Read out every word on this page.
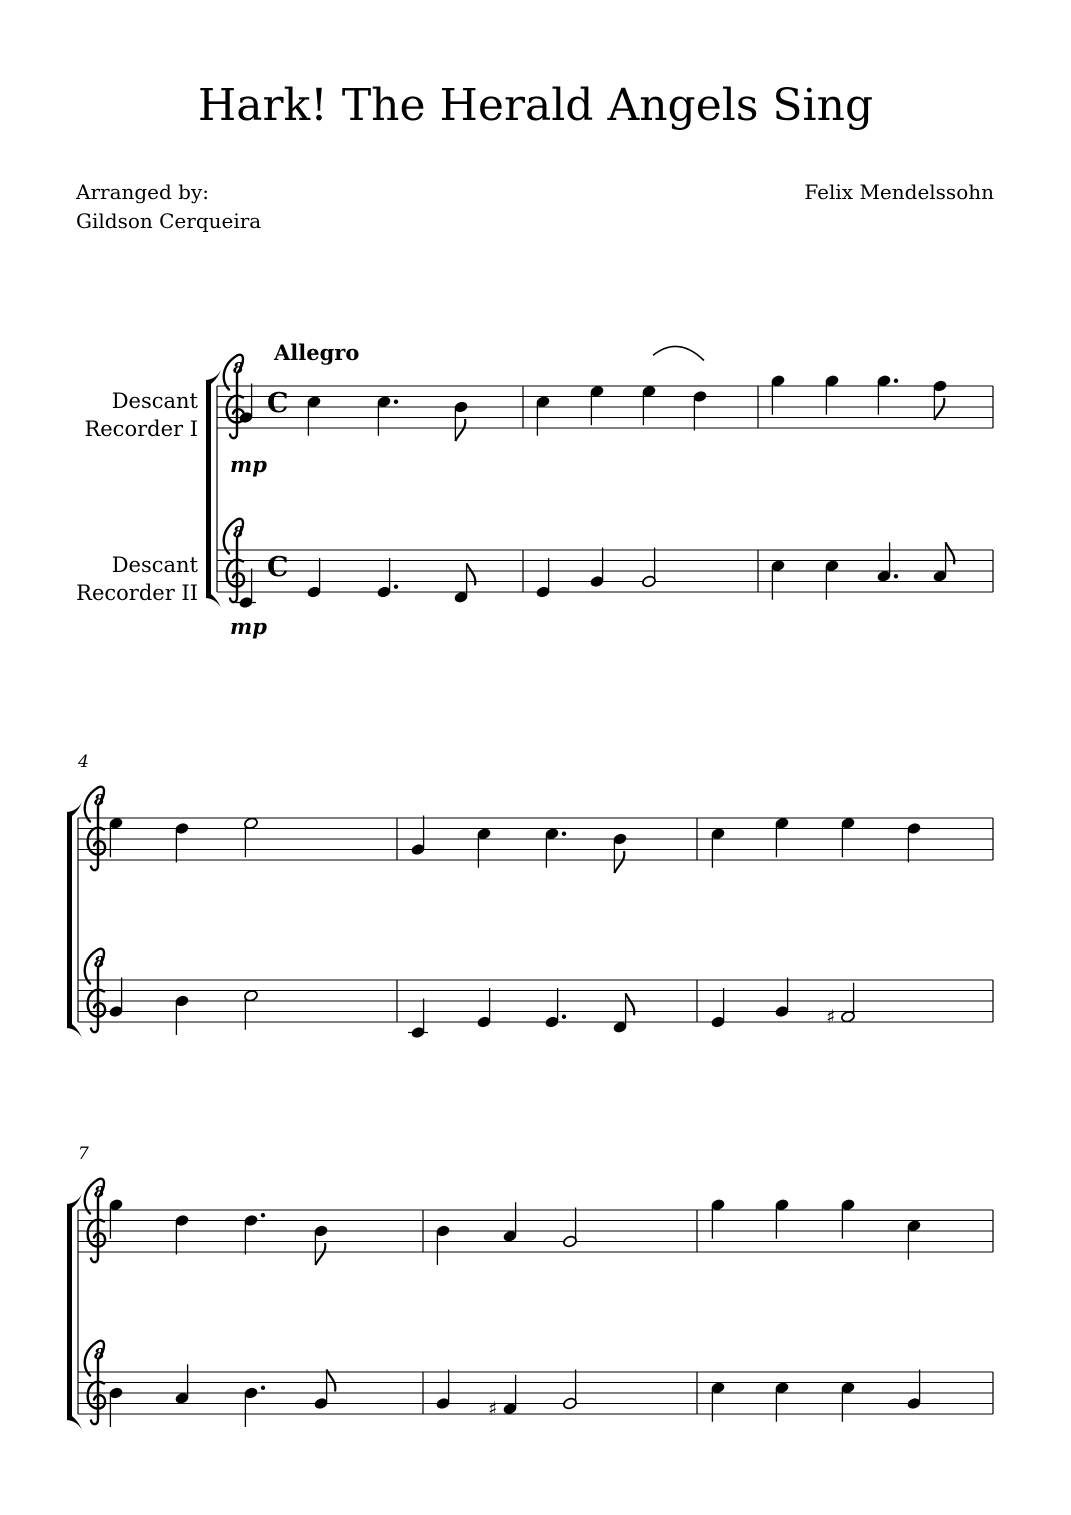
Hark! The Herald Angels Sing
Arranged by:
Gildson Cerqueira
Felix Mendelssohn
Allegro
Descant
Recorder I
Descant
Recorder II
4
7
8
C
mp
8
C
mp
8
8
♯
8
8
♯
